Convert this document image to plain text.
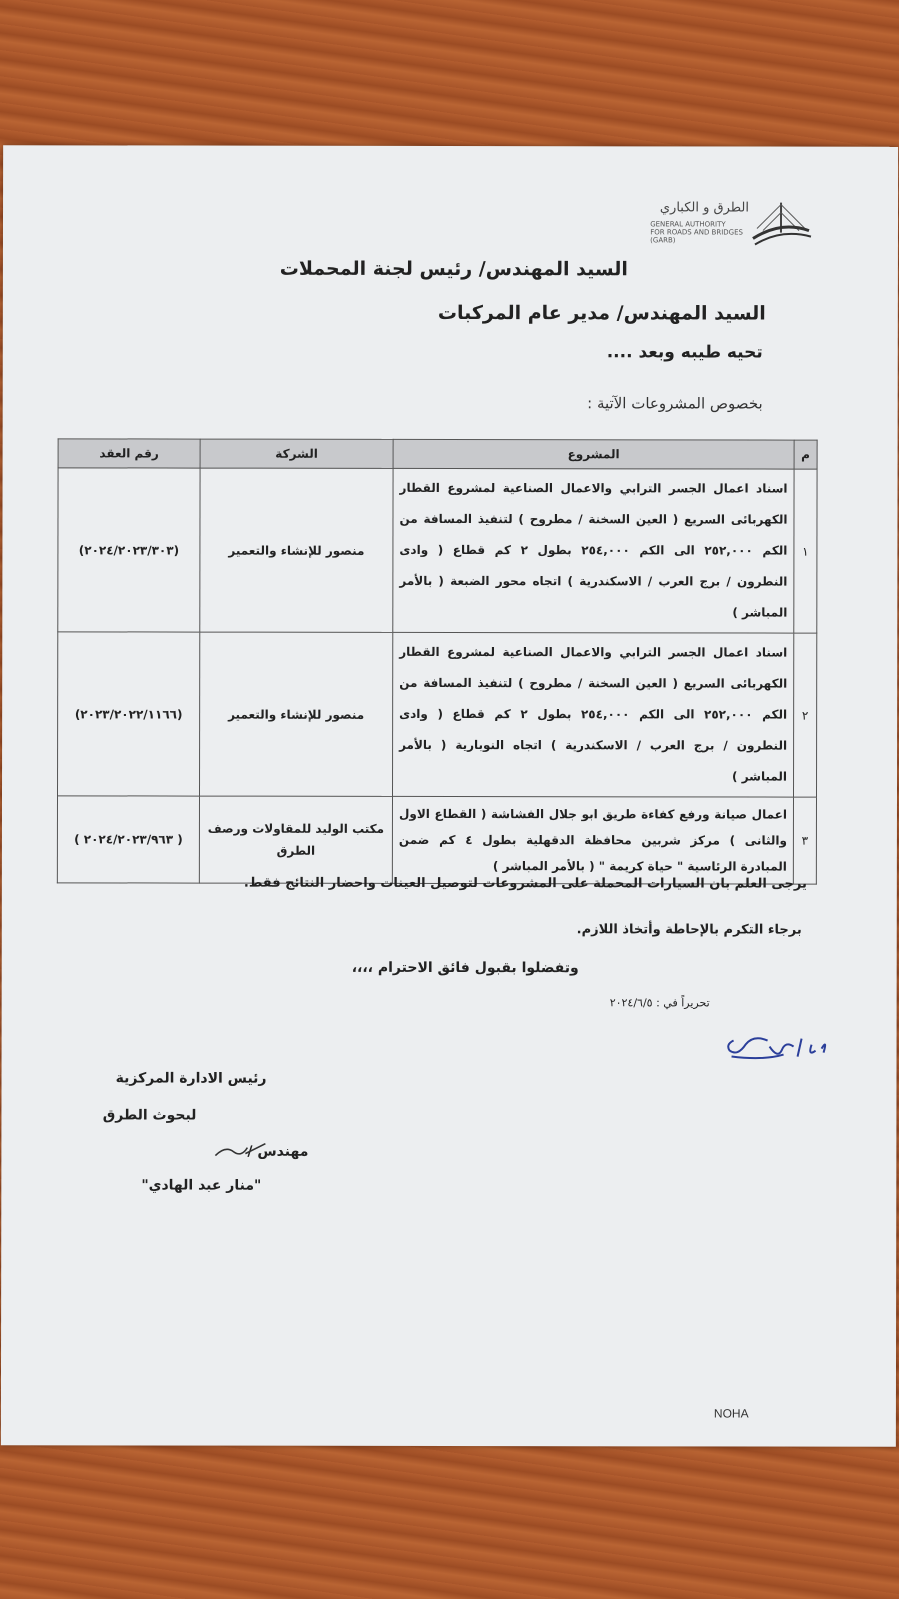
الطرق و الكباري
GENERAL AUTHORITY
FOR ROADS AND BRIDGES
(GARB)
السيد المهندس/ رئيس لجنة المحملات
السيد المهندس/ مدير عام المركبات
تحيه طيبه وبعد ....
بخصوص المشروعات الآتية :
م	المشروع	الشركة	رقم العقد
١	اسناد اعمال الجسر الترابي والاعمال الصناعية لمشروع القطار الكهربائى السريع ( العين السخنة / مطروح ) لتنفيذ المسافة من الكم ٢٥٢,٠٠٠ الى الكم ٢٥٤,٠٠٠ بطول ٢ كم قطاع ( وادى النطرون / برج العرب / الاسكندرية ) اتجاه محور الضبعة ( بالأمر المباشر )	منصور للإنشاء والتعمير	(٢٠٢٤/٢٠٢٣/٣٠٣)
٢	اسناد اعمال الجسر الترابي والاعمال الصناعية لمشروع القطار الكهربائى السريع ( العين السخنة / مطروح ) لتنفيذ المسافة من الكم ٢٥٢,٠٠٠ الى الكم ٢٥٤,٠٠٠ بطول ٢ كم قطاع ( وادى النطرون / برج العرب / الاسكندرية ) اتجاه النوبارية ( بالأمر المباشر )	منصور للإنشاء والتعمير	(٢٠٢٣/٢٠٢٢/١١٦٦)
٣	اعمال صيانة ورفع كفاءة طريق ابو جلال الفشاشة ( القطاع الاول والثانى ) مركز شربين محافظة الدقهلية بطول ٤ كم ضمن المبادرة الرئاسية " حياة كريمة " ( بالأمر المباشر )	مكتب الوليد للمقاولات ورصف الطرق	( ٢٠٢٤/٢٠٢٣/٩٦٣ )
يرجى العلم بان السيارات المحملة على المشروعات لتوصيل العينات واحضار النتائج فقط.
برجاء التكرم بالإحاطة وأتخاذ اللازم.
وتفضلوا بقبول فائق الاحترام ،،،،
تحريراً في : ٢٠٢٤/٦/٥
رئيس الادارة المركزية
لبحوث الطرق
مهندس /
"منار عبد الهادي"
NOHA
